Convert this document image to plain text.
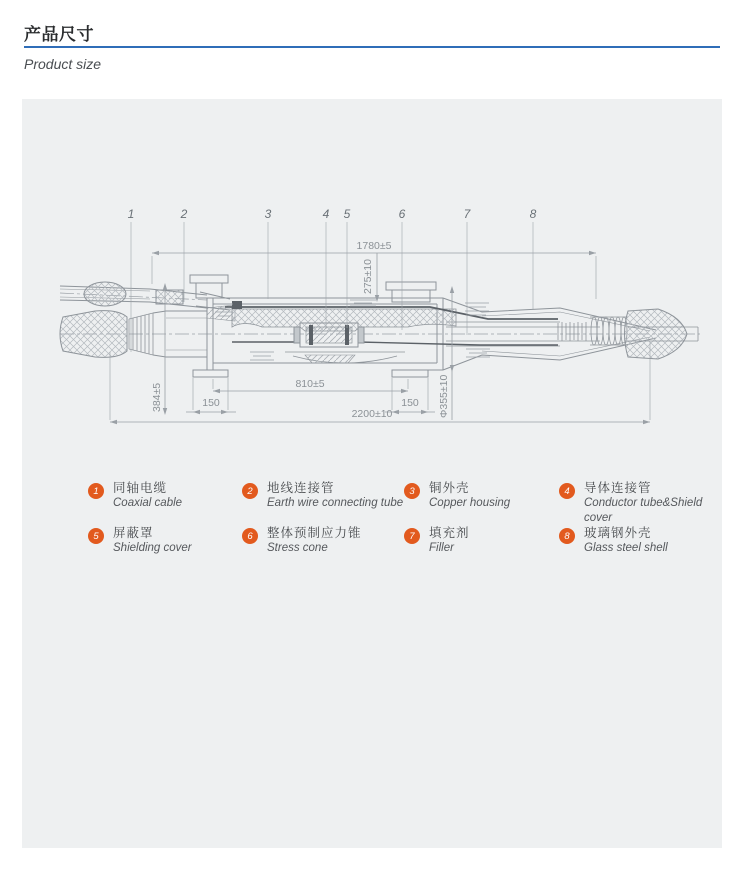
产品尺寸
Product size
1780±5
275±10
384±5	810±5
150	150
2200±10	Φ355±10
1	2	3	4 5	6	7	8
1	同轴电缆
Coaxial cable
2	地线连接管
Earth wire connecting tube
3	铜外壳
Copper housing
4	导体连接管
Conductor tube&Shield cover
5	屏蔽罩
Shielding cover
6	整体预制应力锥
Stress cone
7	填充剂
Filler
8	玻璃钢外壳
Glass steel shell
